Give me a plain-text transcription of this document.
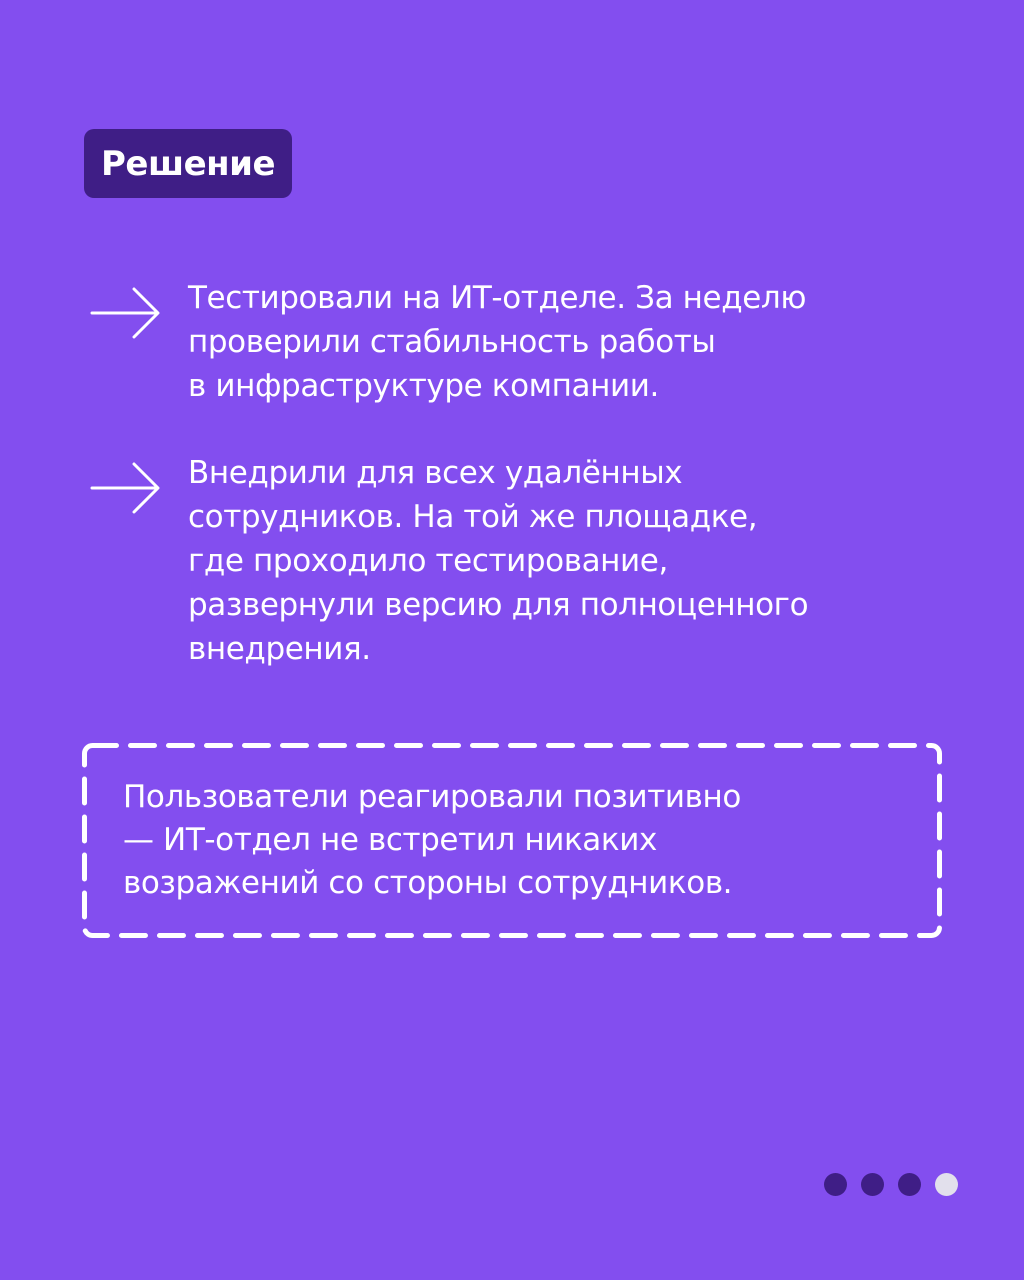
Решение
Тестировали на ИТ-отделе. За неделю
проверили стабильность работы
в инфраструктуре компании.
Внедрили для всех удалённых
сотрудников. На той же площадке,
где проходило тестирование,
развернули версию для полноценного
внедрения.
Пользователи реагировали позитивно
— ИТ-отдел не встретил никаких
возражений со стороны сотрудников.
